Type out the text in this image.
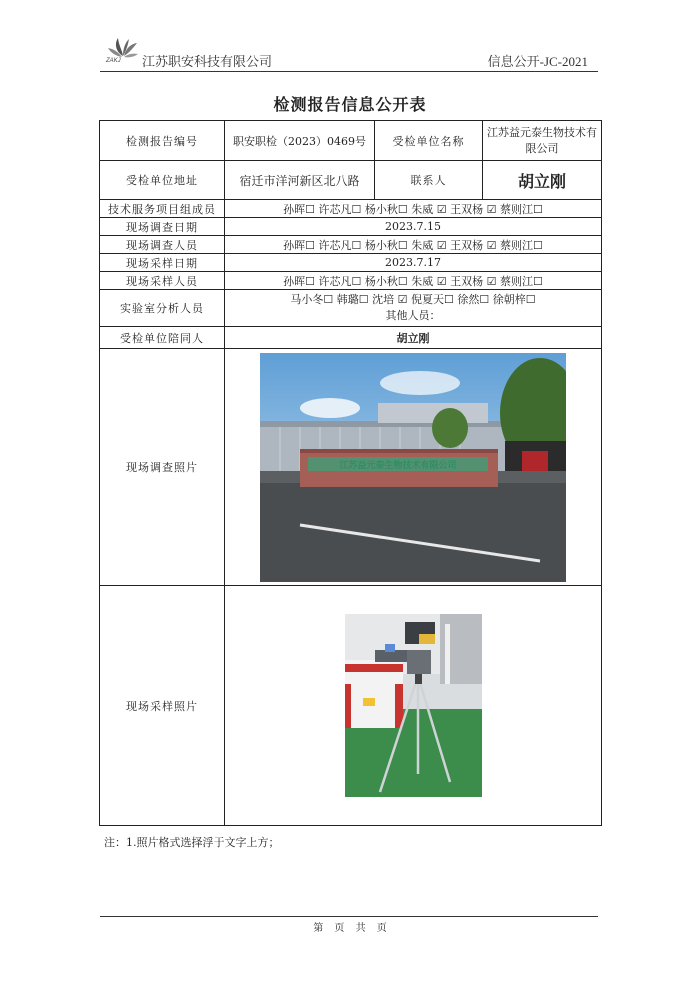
ZAKJ 江苏职安科技有限公司	信息公开-JC-2021
检测报告信息公开表
检测报告编号	职安职检（2023）0469号	受检单位名称	江苏益元泰生物技术有限公司
受检单位地址	宿迁市洋河新区北八路	联系人	胡立刚
技术服务项目组成员	孙晖☐ 许芯凡☐ 杨小秋☐ 朱威 ☑ 王双杨 ☑ 蔡则江☐		
现场调查日期	2023.7.15		
现场调查人员	孙晖☐ 许芯凡☐ 杨小秋☐ 朱威 ☑ 王双杨 ☑ 蔡则江☐		
现场采样日期	2023.7.17		
现场采样人员	孙晖☐ 许芯凡☐ 杨小秋☐ 朱威 ☑ 王双杨 ☑ 蔡则江☐		
实验室分析人员	马小冬☐ 韩璐☐ 沈培 ☑ 倪夏天☐ 徐然☐ 徐朝梓☐
其他人员：		

受检单位陪同人	胡立刚		
现场调查照片	江苏益元泰生物技术有限公司		

现场采样照片	
注：1.照片格式选择浮于文字上方；
第 页 共 页
